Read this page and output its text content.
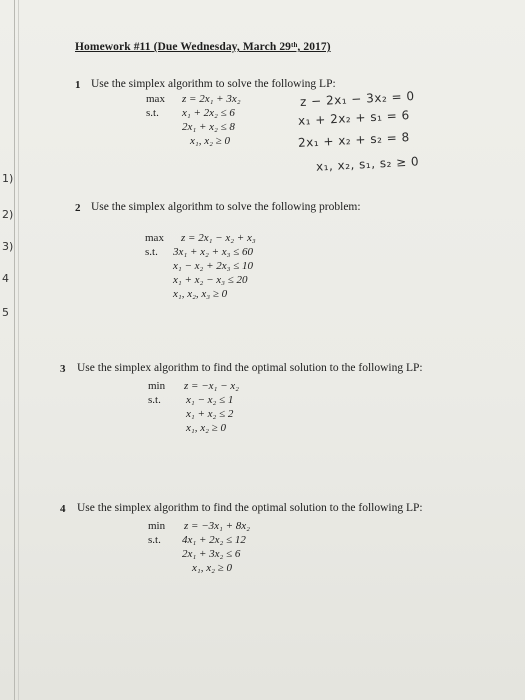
Homework #11 (Due Wednesday, March 29ᵗʰ, 2017)
1)
2)
3)
4
5
1 Use the simplex algorithm to solve the following LP:
max	z = 2x₁ + 3x₂
s.t.	x₁ + 2x₂ ≤ 6
2x₁ + x₂ ≤ 8
x₁, x₂ ≥ 0
z − 2x₁ − 3x₂ = 0
x₁ + 2x₂ + s₁ = 6
2x₁ + x₂ + s₂ = 8
x₁, x₂, s₁, s₂ ≥ 0
2 Use the simplex algorithm to solve the following problem:
max	z = 2x₁ − x₂ + x₃
s.t.	3x₁ + x₂ + x₃ ≤ 60
x₁ − x₂ + 2x₃ ≤ 10
x₁ + x₂ − x₃ ≤ 20
x₁, x₂, x₃ ≥ 0
3 Use the simplex algorithm to find the optimal solution to the following LP:
min	z = −x₁ − x₂
s.t.	x₁ − x₂ ≤ 1
x₁ + x₂ ≤ 2
x₁, x₂ ≥ 0
4 Use the simplex algorithm to find the optimal solution to the following LP:
min	z = −3x₁ + 8x₂
s.t.	4x₁ + 2x₂ ≤ 12
2x₁ + 3x₂ ≤ 6
x₁, x₂ ≥ 0
